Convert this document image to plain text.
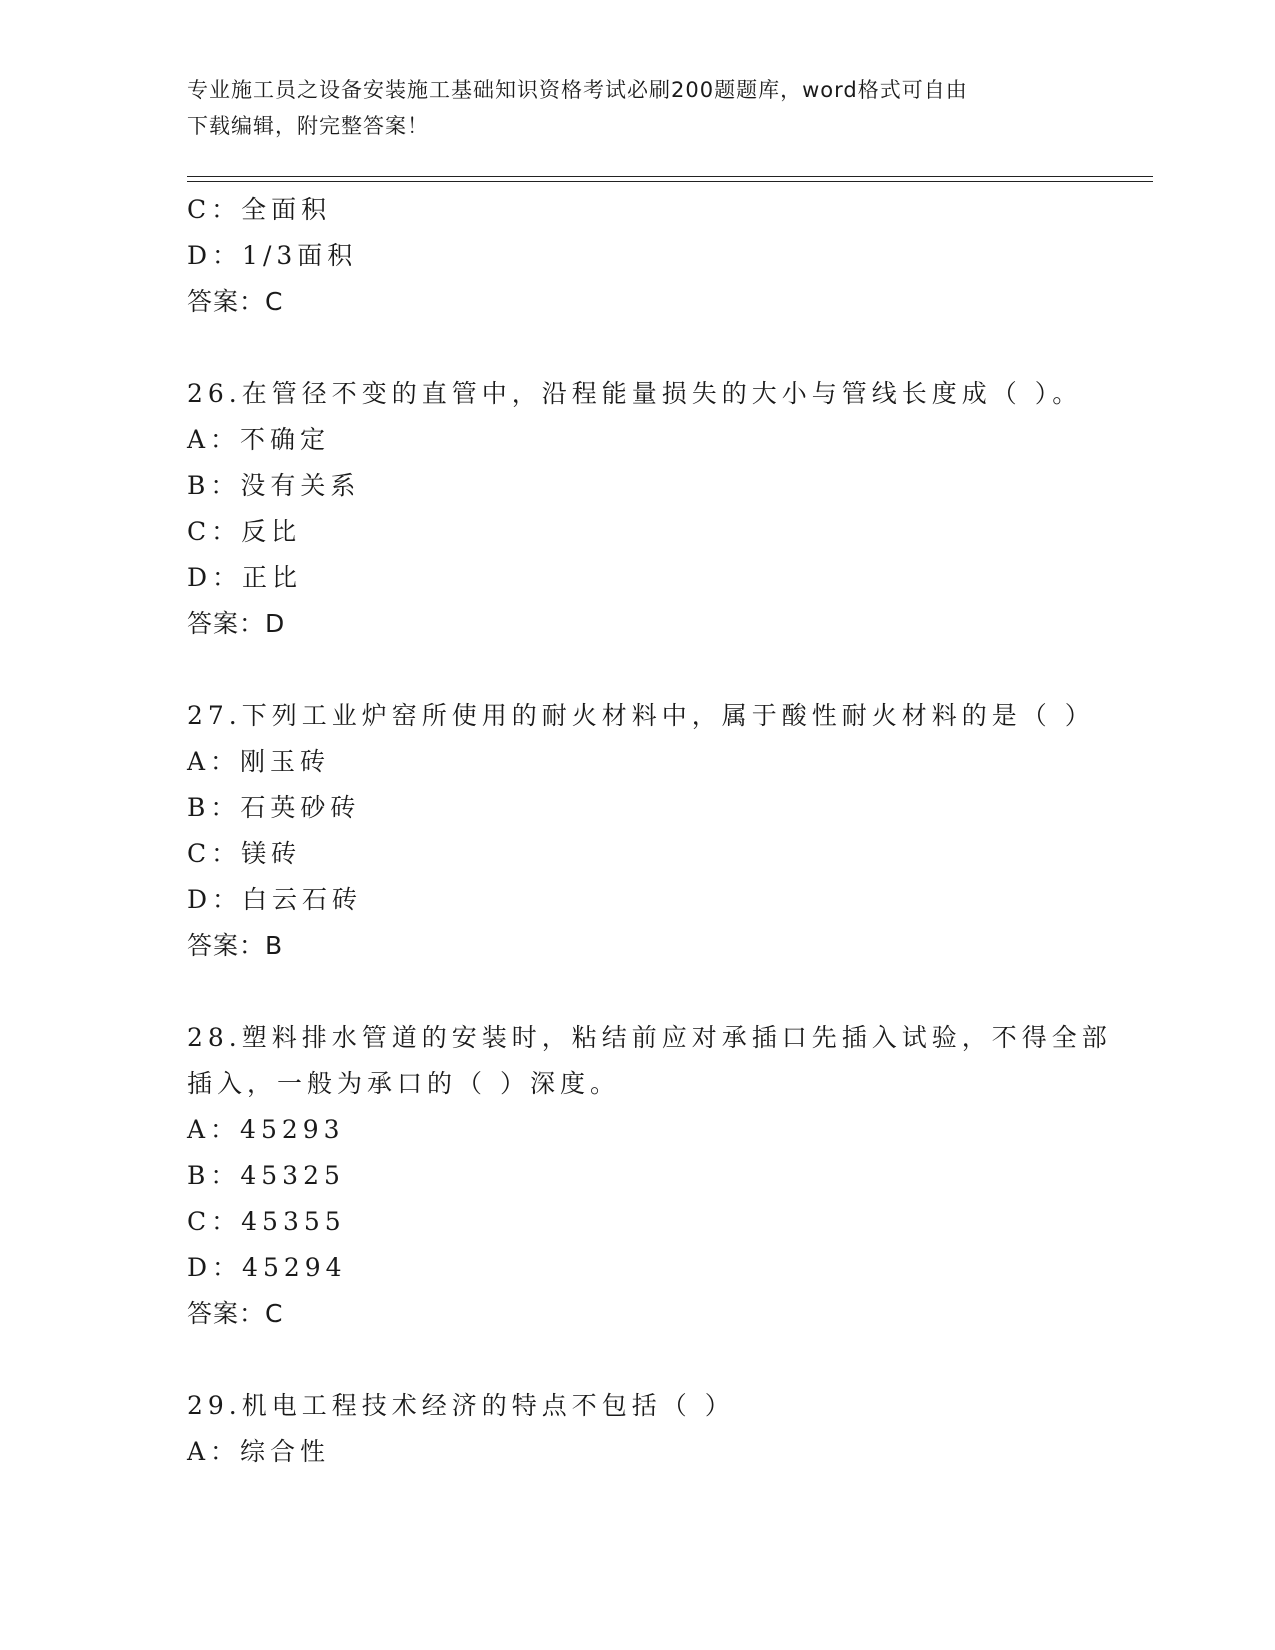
专业施工员之设备安装施工基础知识资格考试必刷200题题库，word格式可自由
下载编辑，附完整答案！
C：全面积
D：1/3面积
答案：C
26.在管径不变的直管中，沿程能量损失的大小与管线长度成（ ）。
A：不确定
B：没有关系
C：反比
D：正比
答案：D
27.下列工业炉窑所使用的耐火材料中，属于酸性耐火材料的是（ ）
A：刚玉砖
B：石英砂砖
C：镁砖
D：白云石砖
答案：B
28.塑料排水管道的安装时，粘结前应对承插口先插入试验，不得全部
插入，一般为承口的（ ）深度。
A：45293
B：45325
C：45355
D：45294
答案：C
29.机电工程技术经济的特点不包括（ ）
A：综合性
